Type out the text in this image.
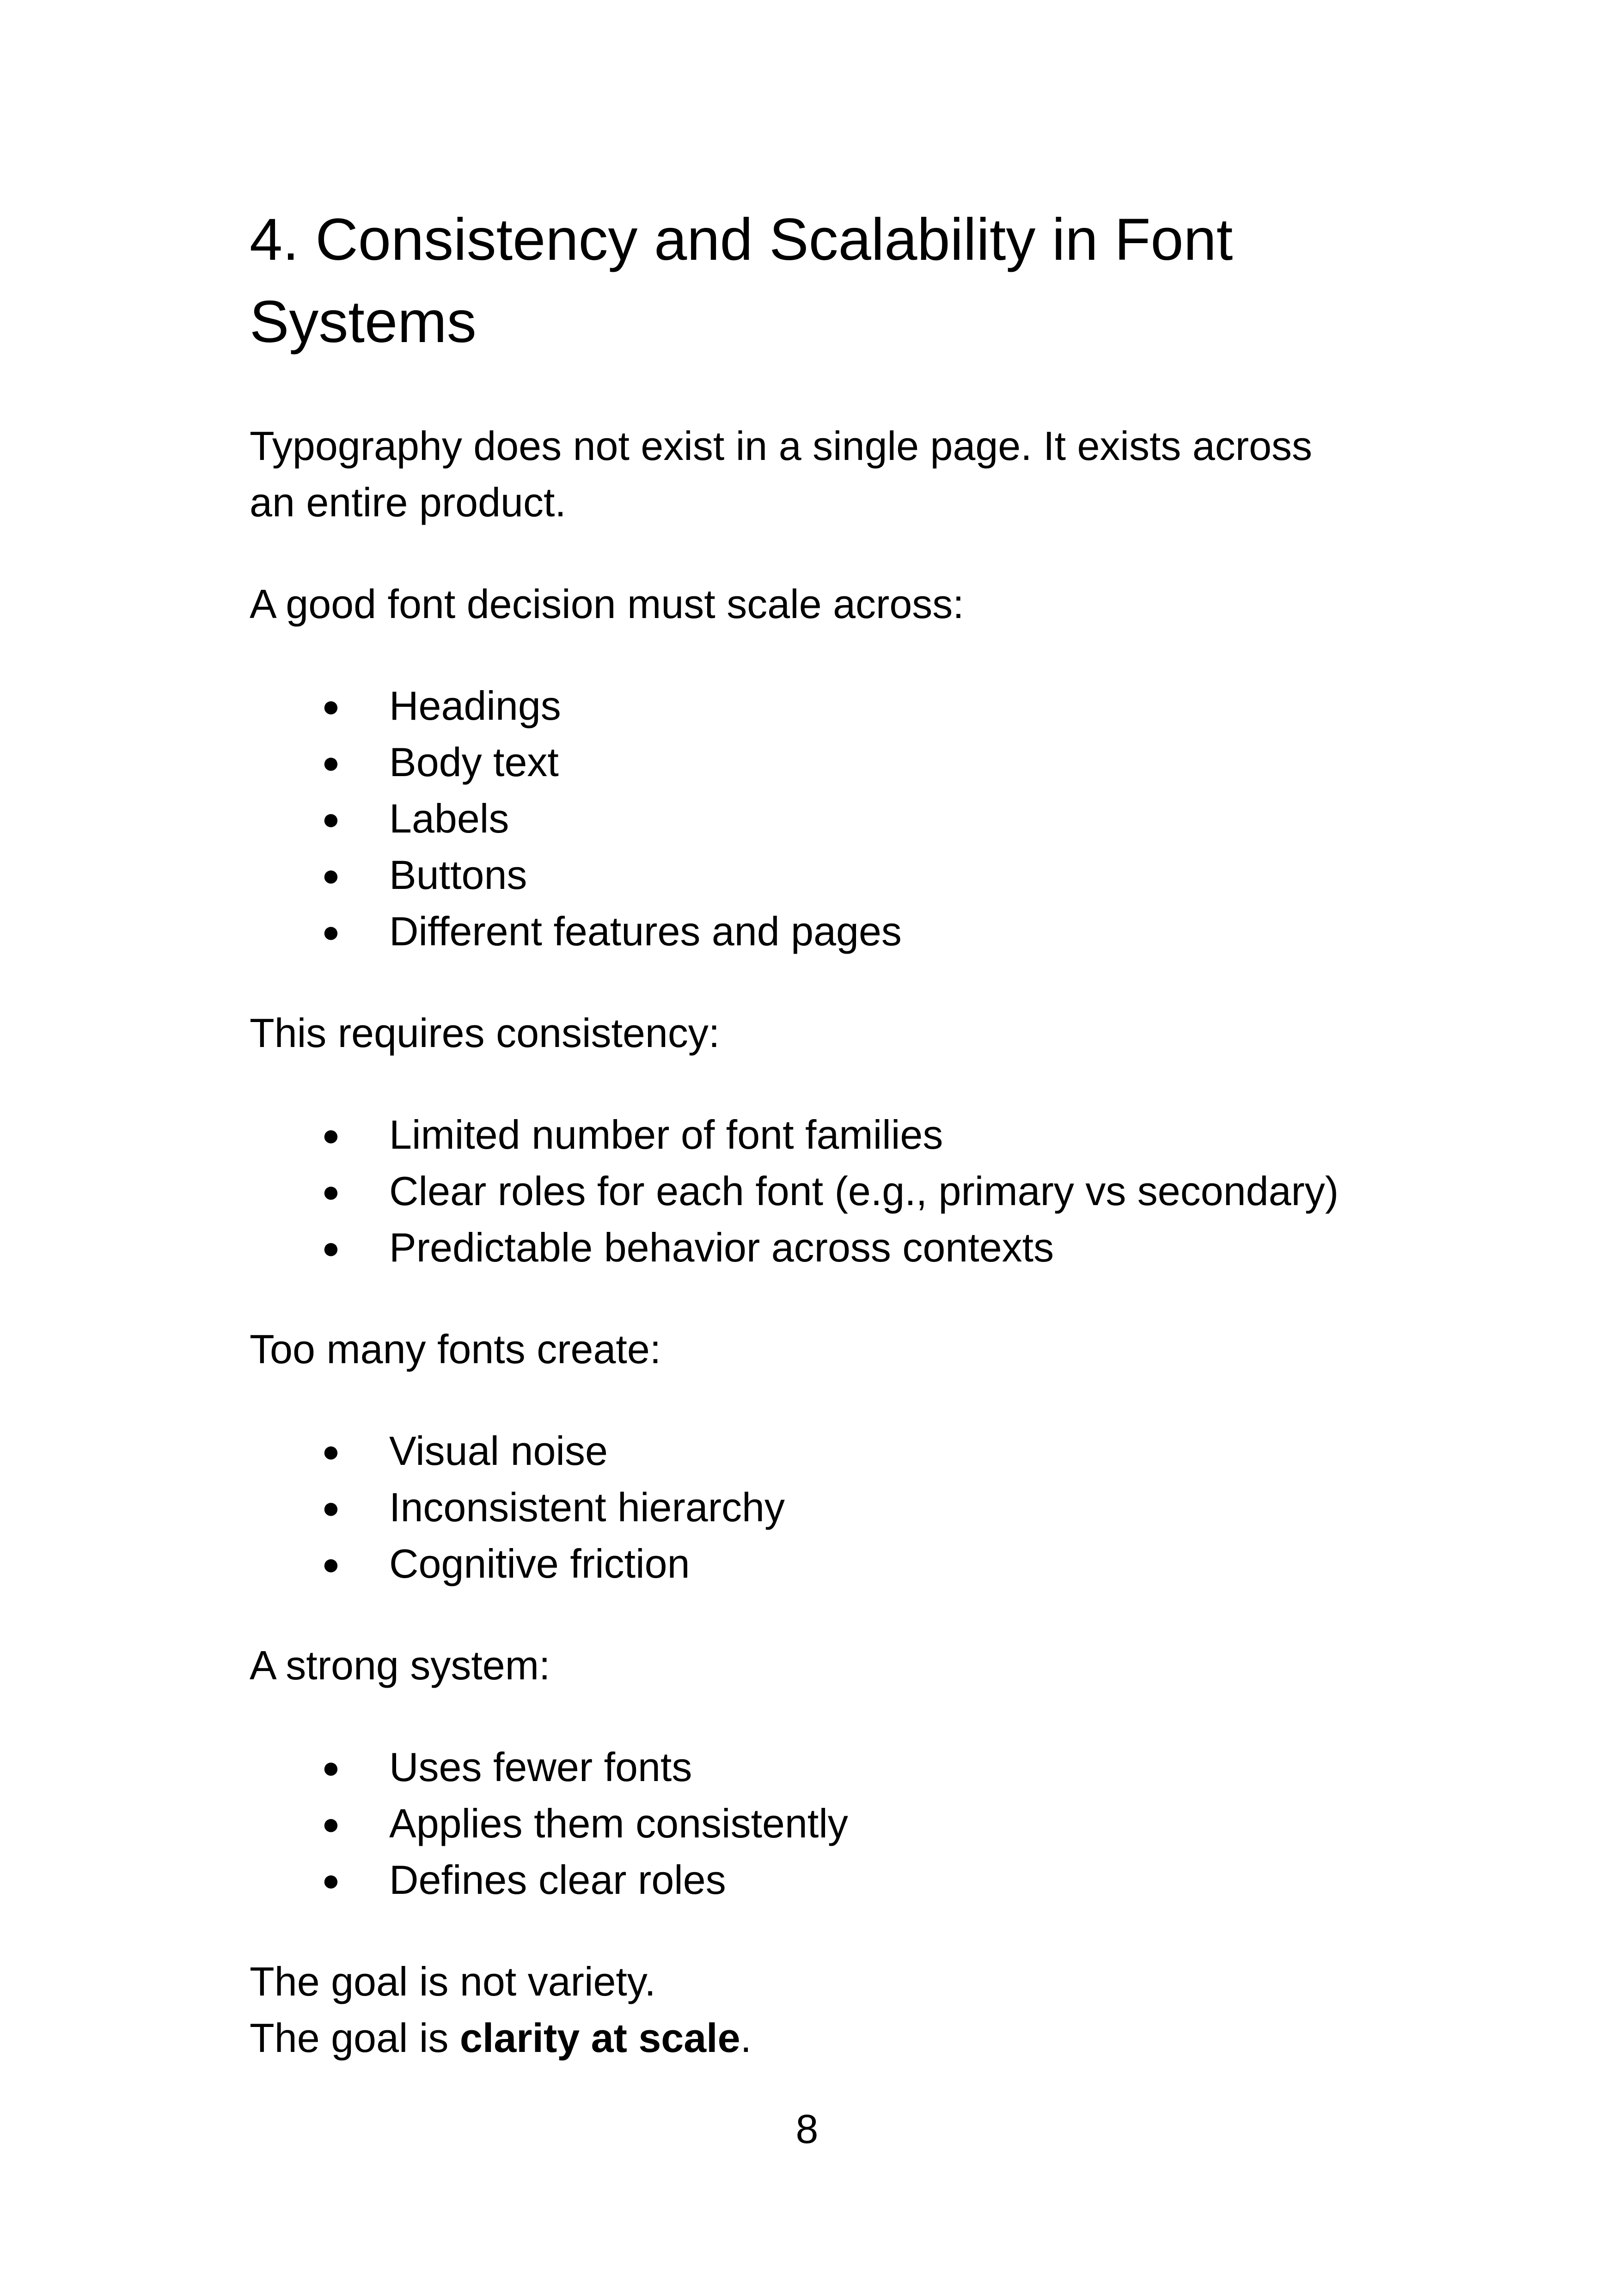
4. Consistency and Scalability in Font
Systems

Typography does not exist in a single page. It exists across
an entire product.

A good font decision must scale across:

● Headings
● Body text
● Labels
● Buttons
● Different features and pages

This requires consistency:

● Limited number of font families
● Clear roles for each font (e.g., primary vs secondary)
● Predictable behavior across contexts

Too many fonts create:

● Visual noise
● Inconsistent hierarchy
● Cognitive friction

A strong system:

● Uses fewer fonts
● Applies them consistently
● Defines clear roles

The goal is not variety.
The goal is clarity at scale.

8
